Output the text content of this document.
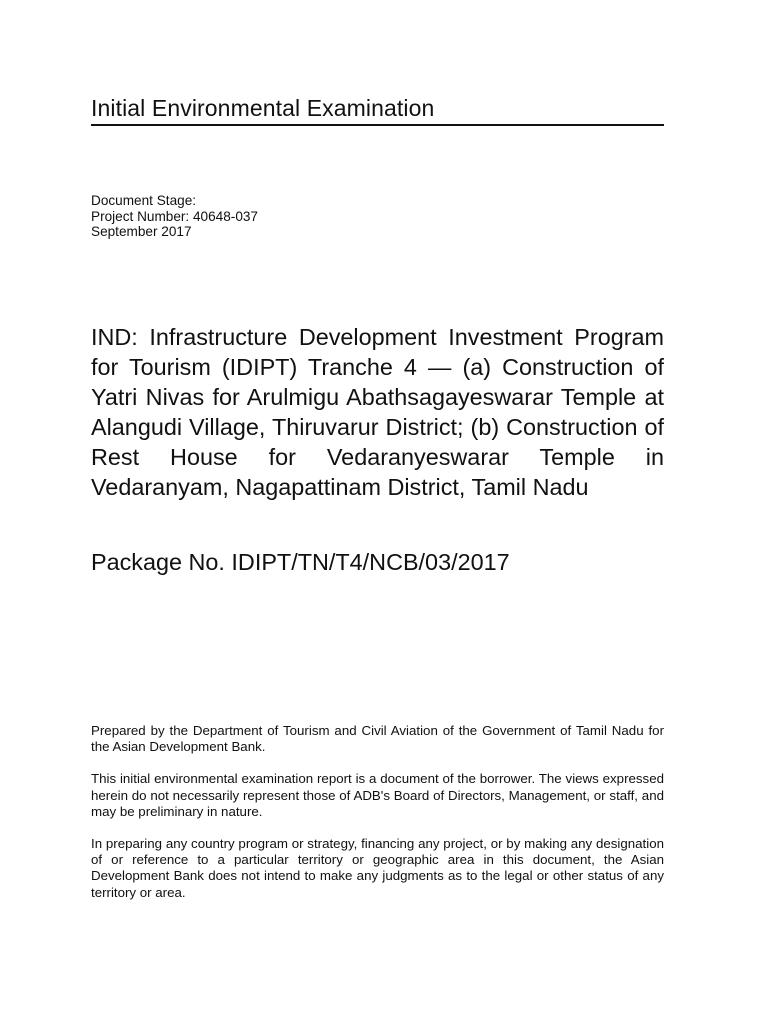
Initial Environmental Examination
Document Stage:
Project Number: 40648-037
September 2017
IND: Infrastructure Development Investment Program for Tourism (IDIPT) Tranche 4 — (a) Construction of Yatri Nivas for Arulmigu Abathsagayeswarar Temple at Alangudi Village, Thiruvarur District; (b) Construction of Rest House for Vedaranyeswarar Temple in Vedaranyam, Nagapattinam District, Tamil Nadu
Package No. IDIPT/TN/T4/NCB/03/2017

Prepared by the Department of Tourism and Civil Aviation of the Government of Tamil Nadu for the Asian Development Bank.

This initial environmental examination report is a document of the borrower. The views expressed herein do not necessarily represent those of ADB's Board of Directors, Management, or staff, and may be preliminary in nature.

In preparing any country program or strategy, financing any project, or by making any designation of or reference to a particular territory or geographic area in this document, the Asian Development Bank does not intend to make any judgments as to the legal or other status of any territory or area.
